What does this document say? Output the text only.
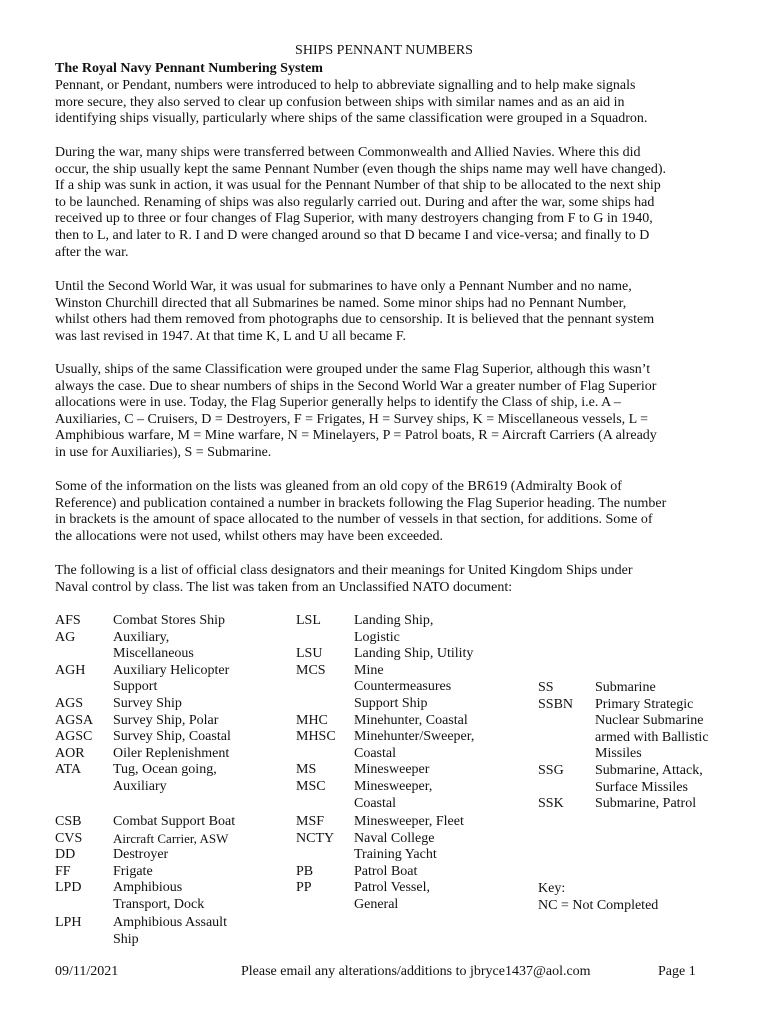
SHIPS PENNANT NUMBERS
The Royal Navy Pennant Numbering System

Pennant, or Pendant, numbers were introduced to help to abbreviate signalling and to help make signals
more secure, they also served to clear up confusion between ships with similar names and as an aid in
identifying ships visually, particularly where ships of the same classification were grouped in a Squadron.

During the war, many ships were transferred between Commonwealth and Allied Navies. Where this did
occur, the ship usually kept the same Pennant Number (even though the ships name may well have changed).
If a ship was sunk in action, it was usual for the Pennant Number of that ship to be allocated to the next ship
to be launched. Renaming of ships was also regularly carried out. During and after the war, some ships had
received up to three or four changes of Flag Superior, with many destroyers changing from F to G in 1940,
then to L, and later to R. I and D were changed around so that D became I and vice-versa; and finally to D
after the war.

Until the Second World War, it was usual for submarines to have only a Pennant Number and no name,
Winston Churchill directed that all Submarines be named. Some minor ships had no Pennant Number,
whilst others had them removed from photographs due to censorship. It is believed that the pennant system
was last revised in 1947. At that time K, L and U all became F.

Usually, ships of the same Classification were grouped under the same Flag Superior, although this wasn’t
always the case. Due to shear numbers of ships in the Second World War a greater number of Flag Superior
allocations were in use. Today, the Flag Superior generally helps to identify the Class of ship, i.e. A –
Auxiliaries, C – Cruisers, D = Destroyers, F = Frigates, H = Survey ships, K = Miscellaneous vessels, L =
Amphibious warfare, M = Mine warfare, N = Minelayers, P = Patrol boats, R = Aircraft Carriers (A already
in use for Auxiliaries), S = Submarine.

Some of the information on the lists was gleaned from an old copy of the BR619 (Admiralty Book of
Reference) and publication contained a number in brackets following the Flag Superior heading. The number
in brackets is the amount of space allocated to the number of vessels in that section, for additions. Some of
the allocations were not used, whilst others may have been exceeded.

The following is a list of official class designators and their meanings for United Kingdom Ships under
Naval control by class. The list was taken from an Unclassified NATO document:

AFS Combat Stores Ship
AG	Auxiliary,
Miscellaneous
AGH Auxiliary Helicopter
Support
AGS Survey Ship
AGSA Survey Ship, Polar
AGSC Survey Ship, Coastal
AOR Oiler Replenishment
ATA Tug, Ocean going,
Auxiliary
CSB Combat Support Boat
CVS Aircraft Carrier, ASW
DD	Destroyer
FF	Frigate
LPD Amphibious
Transport, Dock
LPH Amphibious Assault
Ship
LSL Landing Ship,
Logistic
LSU Landing Ship, Utility
MCS Mine
Countermeasures
Support Ship
MHC Minehunter, Coastal
MHSC Minehunter/Sweeper,
Coastal
MS	Minesweeper
MSC Minesweeper,
Coastal
MSF Minesweeper, Fleet
NCTY Naval College
Training Yacht
PB	Patrol Boat
PP	Patrol Vessel,
General
SS	Submarine
SSBN Primary Strategic
Nuclear Submarine
armed with Ballistic
Missiles
SSG Submarine, Attack,
Surface Missiles
SSK Submarine, Patrol
Key:
NC = Not Completed
09/11/2021	Please email any alterations/additions to jbryce1437@aol.com	Page 1
